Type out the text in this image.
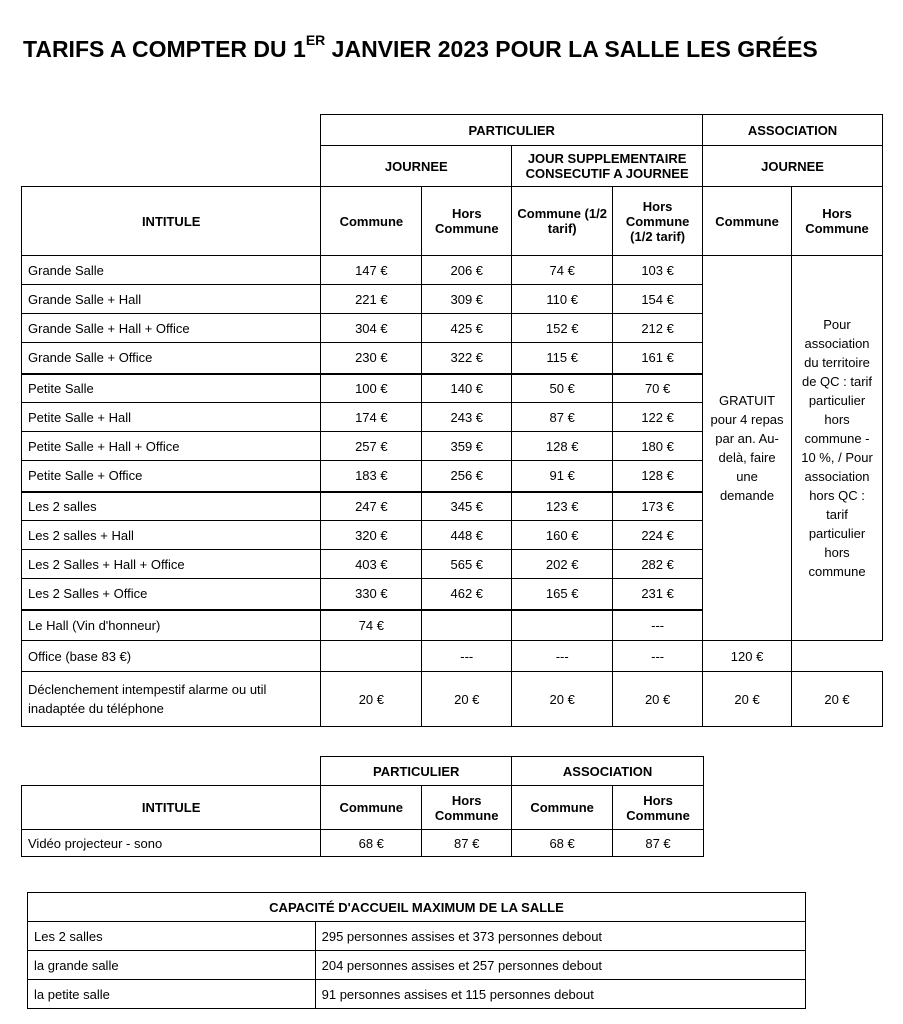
TARIFS A COMPTER DU 1ER JANVIER 2023 POUR LA SALLE LES GRÉES
	PARTICULIER				ASSOCIATION	
	JOURNEE		JOUR SUPPLEMENTAIRE CONSECUTIF A JOURNEE		JOURNEE	
INTITULE	Commune	Hors Commune	Commune (1/2 tarif)	Hors Commune (1/2 tarif)	Commune	Hors Commune
Grande Salle	147 €	206 €	74 €	103 €	GRATUIT pour 4 repas par an. Au-delà, faire une demande	Pour association du territoire de QC : tarif particulier hors commune - 10 %, / Pour association hors QC : tarif particulier hors commune
Grande Salle + Hall	221 €	309 €	110 €	154 €		
Grande Salle + Hall + Office	304 €	425 €	152 €	212 €		
Grande Salle + Office	230 €	322 €	115 €	161 €		
Petite Salle	100 €	140 €	50 €	70 €		
Petite Salle + Hall	174 €	243 €	87 €	122 €		
Petite Salle + Hall + Office	257 €	359 €	128 €	180 €		
Petite Salle + Office	183 €	256 €	91 €	128 €		
Les 2 salles	247 €	345 €	123 €	173 €		
Les 2 salles + Hall	320 €	448 €	160 €	224 €		
Les 2 Salles + Hall + Office	403 €	565 €	202 €	282 €		
Les 2 Salles + Office	330 €	462 €	165 €	231 €		
Le Hall (Vin d'honneur)	74 €			---		
Office (base 83 €)		---	---	---	120 €	
Déclenchement intempestif alarme ou util inadaptée du téléphone	20 €	20 €	20 €	20 €	20 €	20 €
	PARTICULIER		ASSOCIATION	
INTITULE	Commune	Hors Commune	Commune	Hors Commune
Vidéo projecteur - sono	68 €	87 €	68 €	87 €
CAPACITÉ D'ACCUEIL MAXIMUM DE LA SALLE	
Les 2 salles	295 personnes assises et 373 personnes debout
la grande salle	204 personnes assises et 257 personnes debout
la petite salle	91 personnes assises et 115 personnes debout
